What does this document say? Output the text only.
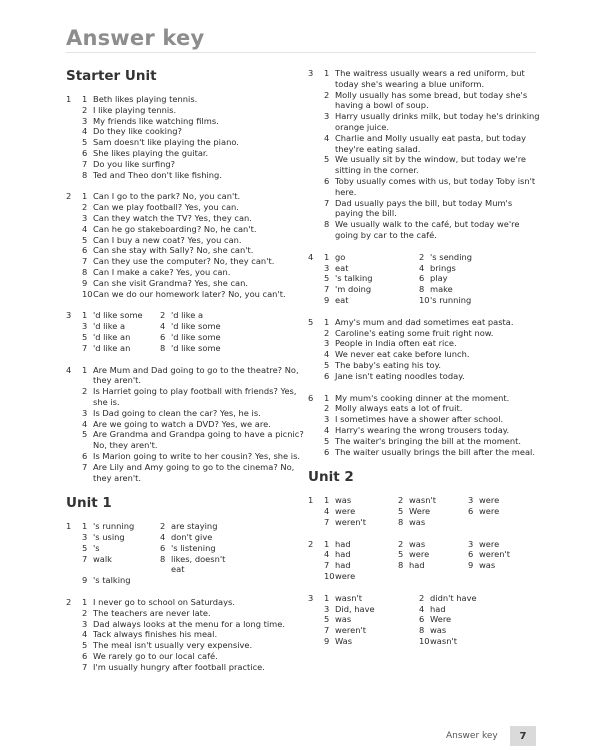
Answer key
Starter Unit
1	1 Beth likes playing tennis.
2 I like playing tennis.
3 My friends like watching films.
4 Do they like cooking?
5 Sam doesn't like playing the piano.
6 She likes playing the guitar.
7 Do you like surfing?
8 Ted and Theo don't like fishing.
2	1 Can I go to the park? No, you can't.
2 Can we play football? Yes, you can.
3 Can they watch the TV? Yes, they can.
4 Can he go stakeboarding? No, he can't.
5 Can I buy a new coat? Yes, you can.
6 Can she stay with Sally? No, she can't.
7 Can they use the computer? No, they can't.
8 Can I make a cake? Yes, you can.
9 Can she visit Grandma? Yes, she can.
10 Can we do our homework later? No, you can't.
3	1 'd like some	2 'd like a
3 'd like a	4 'd like some
5 'd like an	6 'd like some
7 'd like an	8 'd like some
4	1 Are Mum and Dad going to go to the theatre? No, they aren't.
2 Is Harriet going to play football with friends? Yes, she is.
3 Is Dad going to clean the car? Yes, he is.
4 Are we going to watch a DVD? Yes, we are.
5 Are Grandma and Grandpa going to have a picnic? No, they aren't.
6 Is Marion going to write to her cousin? Yes, she is.
7 Are Lily and Amy going to go to the cinema? No, they aren't.
Unit 1
1	1 's running	2 are staying
3 's using	4 don't give
5 's	6 's listening
7 walk	8 likes, doesn't eat
9 's talking
2	1 I never go to school on Saturdays.
2 The teachers are never late.
3 Dad always looks at the menu for a long time.
4 Tack always finishes his meal.
5 The meal isn't usually very expensive.
6 We rarely go to our local café.
7 I'm usually hungry after football practice.
3	1 The waitress usually wears a red uniform, but today she's wearing a blue uniform.
2 Molly usually has some bread, but today she's having a bowl of soup.
3 Harry usually drinks milk, but today he's drinking orange juice.
4 Charlie and Molly usually eat pasta, but today they're eating salad.
5 We usually sit by the window, but today we're sitting in the corner.
6 Toby usually comes with us, but today Toby isn't here.
7 Dad usually pays the bill, but today Mum's paying the bill.
8 We usually walk to the café, but today we're going by car to the café.
4	1 go	2 's sending
3 eat	4 brings
5 's talking	6 play
7 'm doing	8 make
9 eat	10 's running
5	1 Amy's mum and dad sometimes eat pasta.
2 Caroline's eating some fruit right now.
3 People in India often eat rice.
4 We never eat cake before lunch.
5 The baby's eating his toy.
6 Jane isn't eating noodles today.
6	1 My mum's cooking dinner at the moment.
2 Molly always eats a lot of fruit.
3 I sometimes have a shower after school.
4 Harry's wearing the wrong trousers today.
5 The waiter's bringing the bill at the moment.
6 The waiter usually brings the bill after the meal.
Unit 2
1	1 was	2 wasn't	3 were
4 were	5 Were	6 were
7 weren't	8 was
2	1 had	2 was	3 were
4 had	5 were	6 weren't
7 had	8 had	9 was
10 were
3	1 wasn't	2 didn't have
3 Did, have	4 had
5 was	6 Were
7 weren't	8 was
9 Was	10 wasn't
Answer key	7
